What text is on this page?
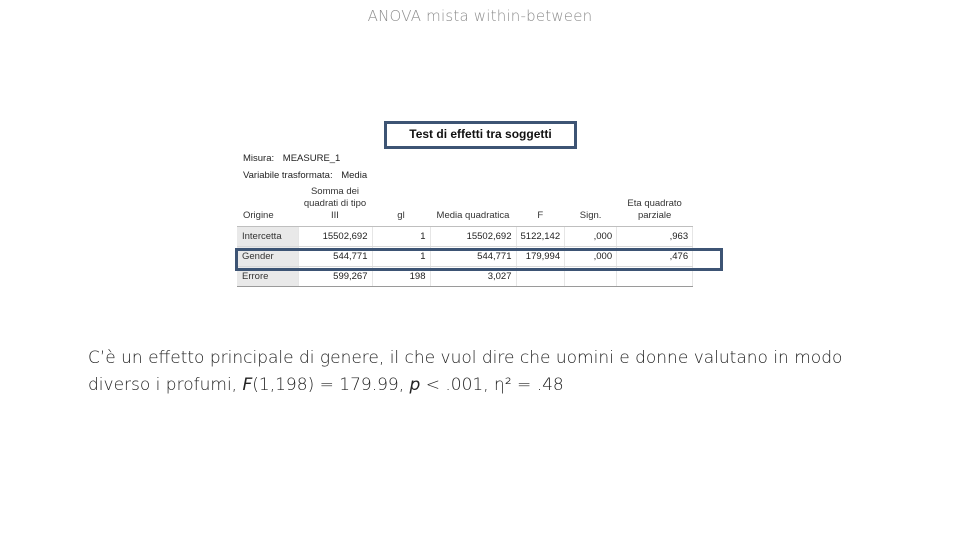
ANOVA mista within-between
Test di effetti tra soggetti
Misura: MEASURE_1
Variabile trasformata: Media
Origine	Somma dei quadrati di tipo III	gl	Media quadratica	F	Sign.	Eta quadrato parziale
Intercetta	15502,692	1	15502,692	5122,142	,000	,963
Gender	544,771	1	544,771	179,994	,000	,476
Errore	599,267	198	3,027			
C’è un effetto principale di genere, il che vuol dire che uomini e donne valutano in modo diverso i profumi, F(1,198) = 179.99, p < .001, η² = .48
